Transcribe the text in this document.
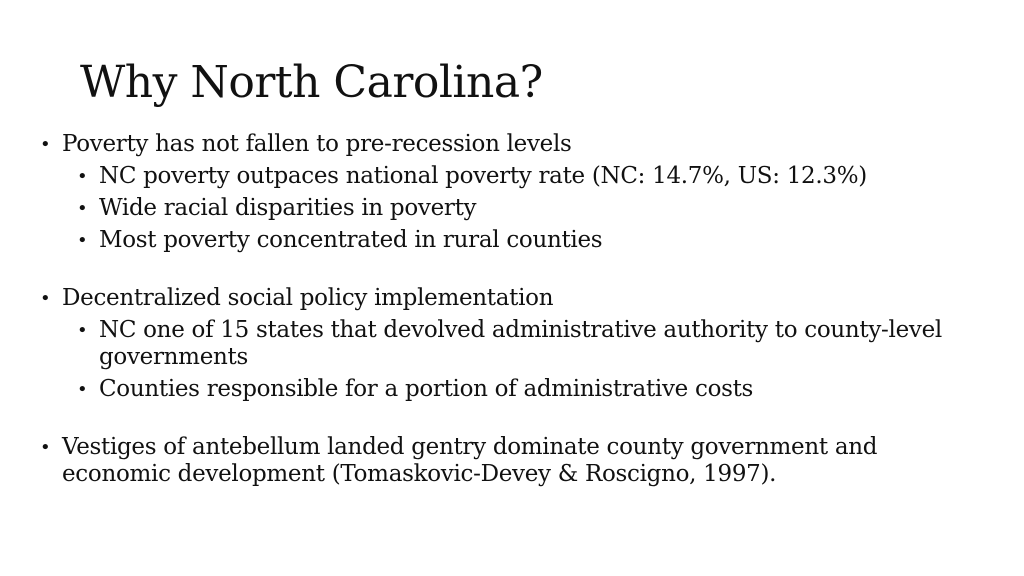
Why North Carolina?
• Poverty has not fallen to pre-recession levels
• NC poverty outpaces national poverty rate (NC: 14.7%, US: 12.3%)
• Wide racial disparities in poverty
• Most poverty concentrated in rural counties
• Decentralized social policy implementation
• NC one of 15 states that devolved administrative authority to county-level governments
• Counties responsible for a portion of administrative costs
• Vestiges of antebellum landed gentry dominate county government and economic development (Tomaskovic-Devey & Roscigno, 1997).
